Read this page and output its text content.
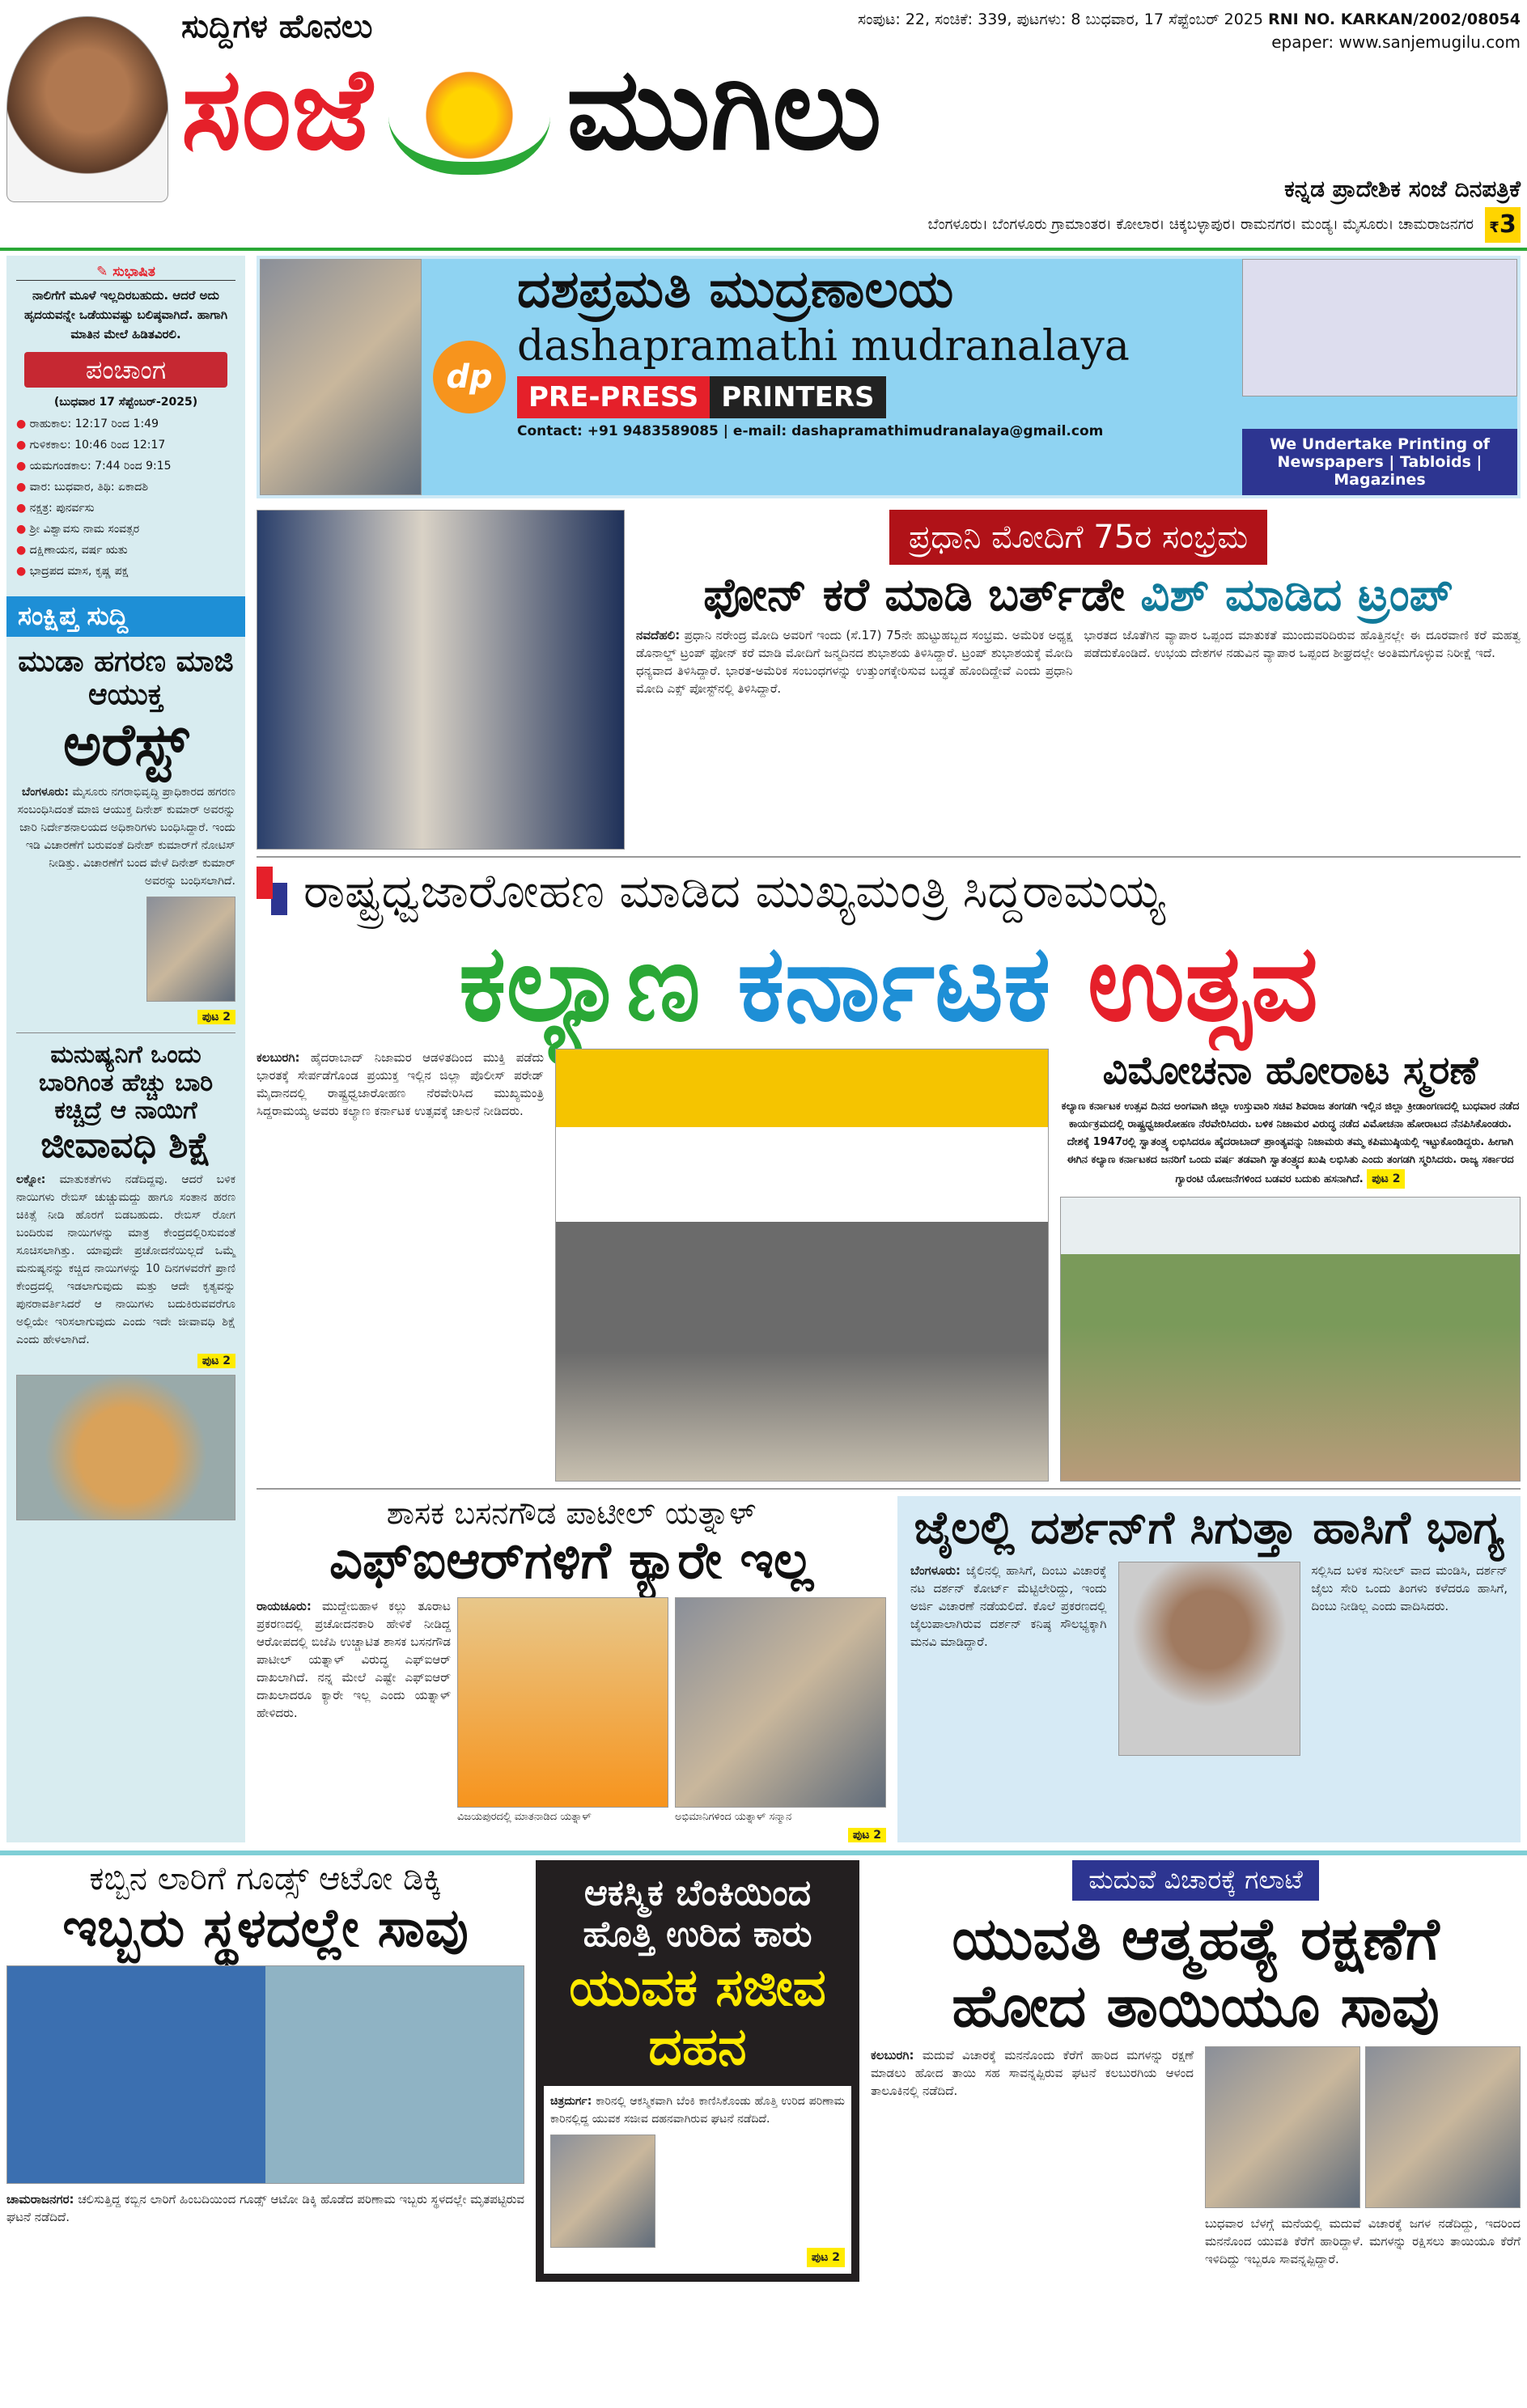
ಸುದ್ದಿಗಳ ಹೊನಲು	ಸಂಪುಟ: 22, ಸಂಚಿಕೆ: 339, ಪುಟಗಳು: 8 ಬುಧವಾರ, 17 ಸೆಪ್ಟೆಂಬರ್ 2025 RNI NO. KARKAN/2002/08054
epaper: www.sanjemugilu.com
ಸಂಜೆ ಮುಗಿಲು
ಕನ್ನಡ ಪ್ರಾದೇಶಿಕ ಸಂಜೆ ದಿನಪತ್ರಿಕೆ
ಬೆಂಗಳೂರು। ಬೆಂಗಳೂರು ಗ್ರಾಮಾಂತರ। ಕೋಲಾರ। ಚಿಕ್ಕಬಳ್ಳಾಪುರ। ರಾಮನಗರ। ಮಂಡ್ಯ। ಮೈಸೂರು। ಚಾಮರಾಜನಗರ ₹3
✎ ಸುಭಾಷಿತ
ನಾಲಿಗೆಗೆ ಮೂಳೆ ಇಲ್ಲದಿರಬಹುದು. ಆದರೆ ಅದು ಹೃದಯವನ್ನೇ ಒಡೆಯುವಷ್ಟು ಬಲಿಷ್ಠವಾಗಿದೆ. ಹಾಗಾಗಿ ಮಾತಿನ ಮೇಲೆ ಹಿಡಿತವಿರಲಿ.
ಪಂಚಾಂಗ
(ಬುಧವಾರ 17 ಸೆಪ್ಟೆಂಬರ್-2025)
● ರಾಹುಕಾಲ: 12:17 ರಿಂದ 1:49
● ಗುಳಿಕಕಾಲ: 10:46 ರಿಂದ 12:17
● ಯಮಗಂಡಕಾಲ: 7:44 ರಿಂದ 9:15
● ವಾರ: ಬುಧವಾರ, ತಿಥಿ: ಏಕಾದಶಿ
● ನಕ್ಷತ್ರ: ಪುನರ್ವಸು
● ಶ್ರೀ ವಿಶ್ವಾವಸು ನಾಮ ಸಂವತ್ಸರ
● ದಕ್ಷಿಣಾಯನ, ವರ್ಷ ಋತು
● ಭಾದ್ರಪದ ಮಾಸ, ಕೃಷ್ಣ ಪಕ್ಷ
ಸಂಕ್ಷಿಪ್ತ ಸುದ್ದಿ
ಮುಡಾ ಹಗರಣ ಮಾಜಿ ಆಯುಕ್ತ
ಅರೆಸ್ಟ್
ಬೆಂಗಳೂರು: ಮೈಸೂರು ನಗರಾಭಿವೃದ್ಧಿ ಪ್ರಾಧಿಕಾರದ ಹಗರಣ ಸಂಬಂಧಿಸಿದಂತೆ ಮಾಜಿ ಆಯುಕ್ತ ದಿನೇಶ್ ಕುಮಾರ್ ಅವರನ್ನು ಜಾರಿ ನಿರ್ದೇಶನಾಲಯದ ಅಧಿಕಾರಿಗಳು ಬಂಧಿಸಿದ್ದಾರೆ. ಇಂದು ಇಡಿ ವಿಚಾರಣೆಗೆ ಬರುವಂತೆ ದಿನೇಶ್ ಕುಮಾರ್‌ಗೆ ನೋಟಿಸ್ ನೀಡಿತ್ತು. ವಿಚಾರಣೆಗೆ ಬಂದ ವೇಳೆ ದಿನೇಶ್ ಕುಮಾರ್ ಅವರನ್ನು ಬಂಧಿಸಲಾಗಿದೆ.
ಪುಟ 2
ಮನುಷ್ಯನಿಗೆ ಒಂದು ಬಾರಿಗಿಂತ ಹೆಚ್ಚು ಬಾರಿ ಕಚ್ಚಿದ್ರೆ ಆ ನಾಯಿಗೆ
ಜೀವಾವಧಿ ಶಿಕ್ಷೆ
ಲಕ್ನೋ: ಮಾತುಕತೆಗಳು ನಡೆದಿದ್ದವು. ಆದರೆ ಬಳಿಕ ನಾಯಿಗಳು ರೇಬಿಸ್ ಚುಚ್ಚುಮದ್ದು ಹಾಗೂ ಸಂತಾನ ಹರಣ ಚಿಕಿತ್ಸೆ ನೀಡಿ ಹೊರಗೆ ಬಿಡಬಹುದು. ರೇಬಿಸ್ ರೋಗ ಬಂದಿರುವ ನಾಯಿಗಳನ್ನು ಮಾತ್ರ ಕೇಂದ್ರದಲ್ಲಿರಿಸುವಂತೆ ಸೂಚಿಸಲಾಗಿತ್ತು. ಯಾವುದೇ ಪ್ರಚೋದನೆಯಿಲ್ಲದೆ ಒಮ್ಮೆ ಮನುಷ್ಯನನ್ನು ಕಚ್ಚಿದ ನಾಯಿಗಳನ್ನು 10 ದಿನಗಳವರೆಗೆ ಪ್ರಾಣಿ ಕೇಂದ್ರದಲ್ಲಿ ಇಡಲಾಗುವುದು ಮತ್ತು ಆದೇ ಕೃತ್ಯವನ್ನು ಪುನರಾವರ್ತಿಸಿದರೆ ಆ ನಾಯಿಗಳು ಬದುಕಿರುವವರೆಗೂ ಅಲ್ಲಿಯೇ ಇರಿಸಲಾಗುವುದು ಎಂದು ಇದೇ ಜೀವಾವಧಿ ಶಿಕ್ಷೆ ಎಂದು ಹೇಳಲಾಗಿದೆ.
ಪುಟ 2
dp
ದಶಪ್ರಮತಿ ಮುದ್ರಣಾಲಯ
dashapramathi mudranalaya
PRE-PRESS PRINTERS
Contact: +91 9483589085 | e-mail: dashapramathimudranalaya@gmail.com
We Undertake Printing of
Newspapers | Tabloids | Magazines
ಪ್ರಧಾನಿ ಮೋದಿಗೆ 75ರ ಸಂಭ್ರಮ
ಫೋನ್ ಕರೆ ಮಾಡಿ ಬರ್ತ್‌ಡೇ ವಿಶ್ ಮಾಡಿದ ಟ್ರಂಪ್
ನವದೆಹಲಿ: ಪ್ರಧಾನಿ ನರೇಂದ್ರ ಮೋದಿ ಅವರಿಗೆ ಇಂದು (ಸೆ.17) 75ನೇ ಹುಟ್ಟುಹಬ್ಬದ ಸಂಭ್ರಮ. ಅಮೆರಿಕ ಅಧ್ಯಕ್ಷ ಡೊನಾಲ್ಡ್ ಟ್ರಂಪ್ ಫೋನ್ ಕರೆ ಮಾಡಿ ಮೋದಿಗೆ ಜನ್ಮದಿನದ ಶುಭಾಶಯ ತಿಳಿಸಿದ್ದಾರೆ. ಟ್ರಂಪ್ ಶುಭಾಶಯಕ್ಕೆ ಮೋದಿ ಧನ್ಯವಾದ ತಿಳಿಸಿದ್ದಾರೆ. ಭಾರತ-ಅಮೆರಿಕ ಸಂಬಂಧಗಳನ್ನು ಉತ್ತುಂಗಕ್ಕೇರಿಸುವ ಬದ್ಧತೆ ಹೊಂದಿದ್ದೇವೆ ಎಂದು ಪ್ರಧಾನಿ ಮೋದಿ ಎಕ್ಸ್ ಪೋಸ್ಟ್‌ನಲ್ಲಿ ತಿಳಿಸಿದ್ದಾರೆ.
ಭಾರತದ ಜೊತೆಗಿನ ವ್ಯಾಪಾರ ಒಪ್ಪಂದ ಮಾತುಕತೆ ಮುಂದುವರಿದಿರುವ ಹೊತ್ತಿನಲ್ಲೇ ಈ ದೂರವಾಣಿ ಕರೆ ಮಹತ್ವ ಪಡೆದುಕೊಂಡಿದೆ. ಉಭಯ ದೇಶಗಳ ನಡುವಿನ ವ್ಯಾಪಾರ ಒಪ್ಪಂದ ಶೀಘ್ರದಲ್ಲೇ ಅಂತಿಮಗೊಳ್ಳುವ ನಿರೀಕ್ಷೆ ಇದೆ.
ರಾಷ್ಟ್ರಧ್ವಜಾರೋಹಣ ಮಾಡಿದ ಮುಖ್ಯಮಂತ್ರಿ ಸಿದ್ದರಾಮಯ್ಯ
ಕಲ್ಯಾಣ ಕರ್ನಾಟಕ ಉತ್ಸವ
ಕಲಬುರಗಿ: ಹೈದರಾಬಾದ್ ನಿಜಾಮರ ಆಡಳಿತದಿಂದ ಮುಕ್ತಿ ಪಡೆದು ಭಾರತಕ್ಕೆ ಸೇರ್ಪಡೆಗೊಂಡ ಪ್ರಯುಕ್ತ ಇಲ್ಲಿನ ಜಿಲ್ಲಾ ಪೊಲೀಸ್ ಪರೇಡ್ ಮೈದಾನದಲ್ಲಿ ರಾಷ್ಟ್ರಧ್ವಜಾರೋಹಣ ನೆರವೇರಿಸಿದ ಮುಖ್ಯಮಂತ್ರಿ ಸಿದ್ದರಾಮಯ್ಯ ಅವರು ಕಲ್ಯಾಣ ಕರ್ನಾಟಕ ಉತ್ಸವಕ್ಕೆ ಚಾಲನೆ ನೀಡಿದರು.
ವಿಮೋಚನಾ ಹೋರಾಟ ಸ್ಮರಣೆ
ಕಲ್ಯಾಣ ಕರ್ನಾಟಕ ಉತ್ಸವ ದಿನದ ಅಂಗವಾಗಿ ಜಿಲ್ಲಾ ಉಸ್ತುವಾರಿ ಸಚಿವ ಶಿವರಾಜ ತಂಗಡಗಿ ಇಲ್ಲಿನ ಜಿಲ್ಲಾ ಕ್ರೀಡಾಂಗಣದಲ್ಲಿ ಬುಧವಾರ ನಡೆದ ಕಾರ್ಯಕ್ರಮದಲ್ಲಿ ರಾಷ್ಟ್ರಧ್ವಜಾರೋಹಣ ನೆರವೇರಿಸಿದರು. ಬಳಿಕ ನಿಜಾಮರ ವಿರುದ್ಧ ನಡೆದ ವಿಮೋಚನಾ ಹೋರಾಟದ ನೆನಪಿಸಿಕೊಂಡರು. ದೇಶಕ್ಕೆ 1947ರಲ್ಲಿ ಸ್ವಾತಂತ್ರ್ಯ ಲಭಿಸಿದರೂ ಹೈದರಾಬಾದ್ ಪ್ರಾಂತ್ಯವನ್ನು ನಿಜಾಮರು ತಮ್ಮ ಕಪಿಮುಷ್ಠಿಯಲ್ಲಿ ಇಟ್ಟುಕೊಂಡಿದ್ದರು. ಹೀಗಾಗಿ ಈಗಿನ ಕಲ್ಯಾಣ ಕರ್ನಾಟಕದ ಜನರಿಗೆ ಒಂದು ವರ್ಷ ತಡವಾಗಿ ಸ್ವಾತಂತ್ರ್ಯದ ಖುಷಿ ಲಭಿಸಿತು ಎಂದು ತಂಗಡಗಿ ಸ್ಮರಿಸಿದರು. ರಾಜ್ಯ ಸರ್ಕಾರದ ಗ್ಯಾರಂಟಿ ಯೋಜನೆಗಳಿಂದ ಬಡವರ ಬದುಕು ಹಸನಾಗಿದೆ. ಪುಟ 2
ಶಾಸಕ ಬಸನಗೌಡ ಪಾಟೀಲ್ ಯತ್ನಾಳ್
ಎಫ್‌ಐಆರ್‌ಗಳಿಗೆ ಕ್ಯಾರೇ ಇಲ್ಲ
ರಾಯಚೂರು: ಮುದ್ದೇಬಿಹಾಳ ಕಲ್ಲು ತೂರಾಟ ಪ್ರಕರಣದಲ್ಲಿ ಪ್ರಚೋದನಕಾರಿ ಹೇಳಿಕೆ ನೀಡಿದ್ದ ಆರೋಪದಲ್ಲಿ ಬಿಜೆಪಿ ಉಚ್ಚಾಟಿತ ಶಾಸಕ ಬಸನಗೌಡ ಪಾಟೀಲ್ ಯತ್ನಾಳ್ ವಿರುದ್ಧ ಎಫ್‌ಐಆರ್ ದಾಖಲಾಗಿದೆ. ನನ್ನ ಮೇಲೆ ಎಷ್ಟೇ ಎಫ್‌ಐಆರ್ ದಾಖಲಾದರೂ ಕ್ಯಾರೇ ಇಲ್ಲ ಎಂದು ಯತ್ನಾಳ್ ಹೇಳಿದರು.
ವಿಜಯಪುರದಲ್ಲಿ ಮಾತನಾಡಿದ ಯತ್ನಾಳ್	ಅಭಿಮಾನಿಗಳಿಂದ ಯತ್ನಾಳ್ ಸನ್ಮಾನ
ಪುಟ 2
ಜೈಲಲ್ಲಿ ದರ್ಶನ್‌ಗೆ ಸಿಗುತ್ತಾ ಹಾಸಿಗೆ ಭಾಗ್ಯ
ಬೆಂಗಳೂರು: ಜೈಲಿನಲ್ಲಿ ಹಾಸಿಗೆ, ದಿಂಬು ವಿಚಾರಕ್ಕೆ ನಟ ದರ್ಶನ್ ಕೋರ್ಟ್ ಮೆಟ್ಟಿಲೇರಿದ್ದು, ಇಂದು ಅರ್ಜಿ ವಿಚಾರಣೆ ನಡೆಯಲಿದೆ. ಕೊಲೆ ಪ್ರಕರಣದಲ್ಲಿ ಜೈಲುಪಾಲಾಗಿರುವ ದರ್ಶನ್ ಕನಿಷ್ಠ ಸೌಲಭ್ಯಕ್ಕಾಗಿ ಮನವಿ ಮಾಡಿದ್ದಾರೆ.
ಸಲ್ಲಿಸಿದ ಬಳಿಕ ಸುನೀಲ್ ವಾದ ಮಂಡಿಸಿ, ದರ್ಶನ್ ಜೈಲು ಸೇರಿ ಒಂದು ತಿಂಗಳು ಕಳೆದರೂ ಹಾಸಿಗೆ, ದಿಂಬು ನೀಡಿಲ್ಲ ಎಂದು ವಾದಿಸಿದರು.
ಕಬ್ಬಿನ ಲಾರಿಗೆ ಗೂಡ್ಸ್ ಆಟೋ ಡಿಕ್ಕಿ
ಇಬ್ಬರು ಸ್ಥಳದಲ್ಲೇ ಸಾವು
ಚಾಮರಾಜನಗರ: ಚಲಿಸುತ್ತಿದ್ದ ಕಬ್ಬಿನ ಲಾರಿಗೆ ಹಿಂಬದಿಯಿಂದ ಗೂಡ್ಸ್ ಆಟೋ ಡಿಕ್ಕಿ ಹೊಡೆದ ಪರಿಣಾಮ ಇಬ್ಬರು ಸ್ಥಳದಲ್ಲೇ ಮೃತಪಟ್ಟಿರುವ ಘಟನೆ ನಡೆದಿದೆ.
ಆಕಸ್ಮಿಕ ಬೆಂಕಿಯಿಂದ ಹೊತ್ತಿ ಉರಿದ ಕಾರು
ಯುವಕ ಸಜೀವ ದಹನ
ಚಿತ್ರದುರ್ಗ: ಕಾರಿನಲ್ಲಿ ಆಕಸ್ಮಿಕವಾಗಿ ಬೆಂಕಿ ಕಾಣಿಸಿಕೊಂಡು ಹೊತ್ತಿ ಉರಿದ ಪರಿಣಾಮ ಕಾರಿನಲ್ಲಿದ್ದ ಯುವಕ ಸಜೀವ ದಹನವಾಗಿರುವ ಘಟನೆ ನಡೆದಿದೆ.
ಪುಟ 2
ಮದುವೆ ವಿಚಾರಕ್ಕೆ ಗಲಾಟೆ
ಯುವತಿ ಆತ್ಮಹತ್ಯೆ ರಕ್ಷಣೆಗೆ
ಹೋದ ತಾಯಿಯೂ ಸಾವು
ಕಲಬುರಗಿ: ಮದುವೆ ವಿಚಾರಕ್ಕೆ ಮನನೊಂದು ಕೆರೆಗೆ ಹಾರಿದ ಮಗಳನ್ನು ರಕ್ಷಣೆ ಮಾಡಲು ಹೋದ ತಾಯಿ ಸಹ ಸಾವನ್ನಪ್ಪಿರುವ ಘಟನೆ ಕಲಬುರಗಿಯ ಆಳಂದ ತಾಲೂಕಿನಲ್ಲಿ ನಡೆದಿದೆ.
ಬುಧವಾರ ಬೆಳಗ್ಗೆ ಮನೆಯಲ್ಲಿ ಮದುವೆ ವಿಚಾರಕ್ಕೆ ಜಗಳ ನಡೆದಿದ್ದು, ಇದರಿಂದ ಮನನೊಂದ ಯುವತಿ ಕೆರೆಗೆ ಹಾರಿದ್ದಾಳೆ. ಮಗಳನ್ನು ರಕ್ಷಿಸಲು ತಾಯಿಯೂ ಕೆರೆಗೆ ಇಳಿದಿದ್ದು ಇಬ್ಬರೂ ಸಾವನ್ನಪ್ಪಿದ್ದಾರೆ.
